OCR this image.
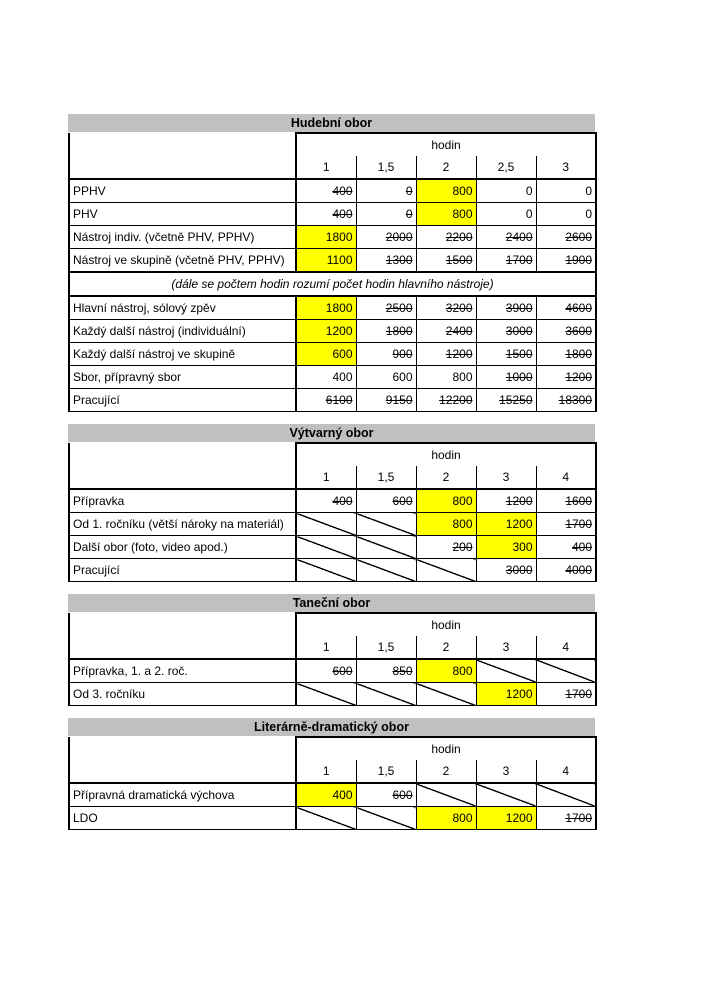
Hudební obor
	hodin				
	1	1,5	2	2,5	3
PPHV	400	0	800	0	0
PHV	400	0	800	0	0
Nástroj indiv. (včetně PHV, PPHV)	1800	2000	2200	2400	2600
Nástroj ve skupině (včetně PHV, PPHV)	1100	1300	1500	1700	1900
(dále se počtem hodin rozumí počet hodin hlavního nástroje)					
Hlavní nástroj, sólový zpěv	1800	2500	3200	3900	4600
Každý další nástroj (individuální)	1200	1800	2400	3000	3600
Každý další nástroj ve skupině	600	900	1200	1500	1800
Sbor, přípravný sbor	400	600	800	1000	1200
Pracující	6100	9150	12200	15250	18300
Výtvarný obor
	hodin				
	1	1,5	2	3	4
Přípravka	400	600	800	1200	1600
Od 1. ročníku (větší nároky na materiál)			800	1200	1700
Další obor (foto, video apod.)			200	300	400
Pracující				3000	4000
Taneční obor
	hodin				
	1	1,5	2	3	4
Přípravka, 1. a 2. roč.	600	850	800		
Od 3. ročníku				1200	1700
Literárně-dramatický obor
	hodin				
	1	1,5	2	3	4
Přípravná dramatická výchova	400	600			
LDO			800	1200	1700
